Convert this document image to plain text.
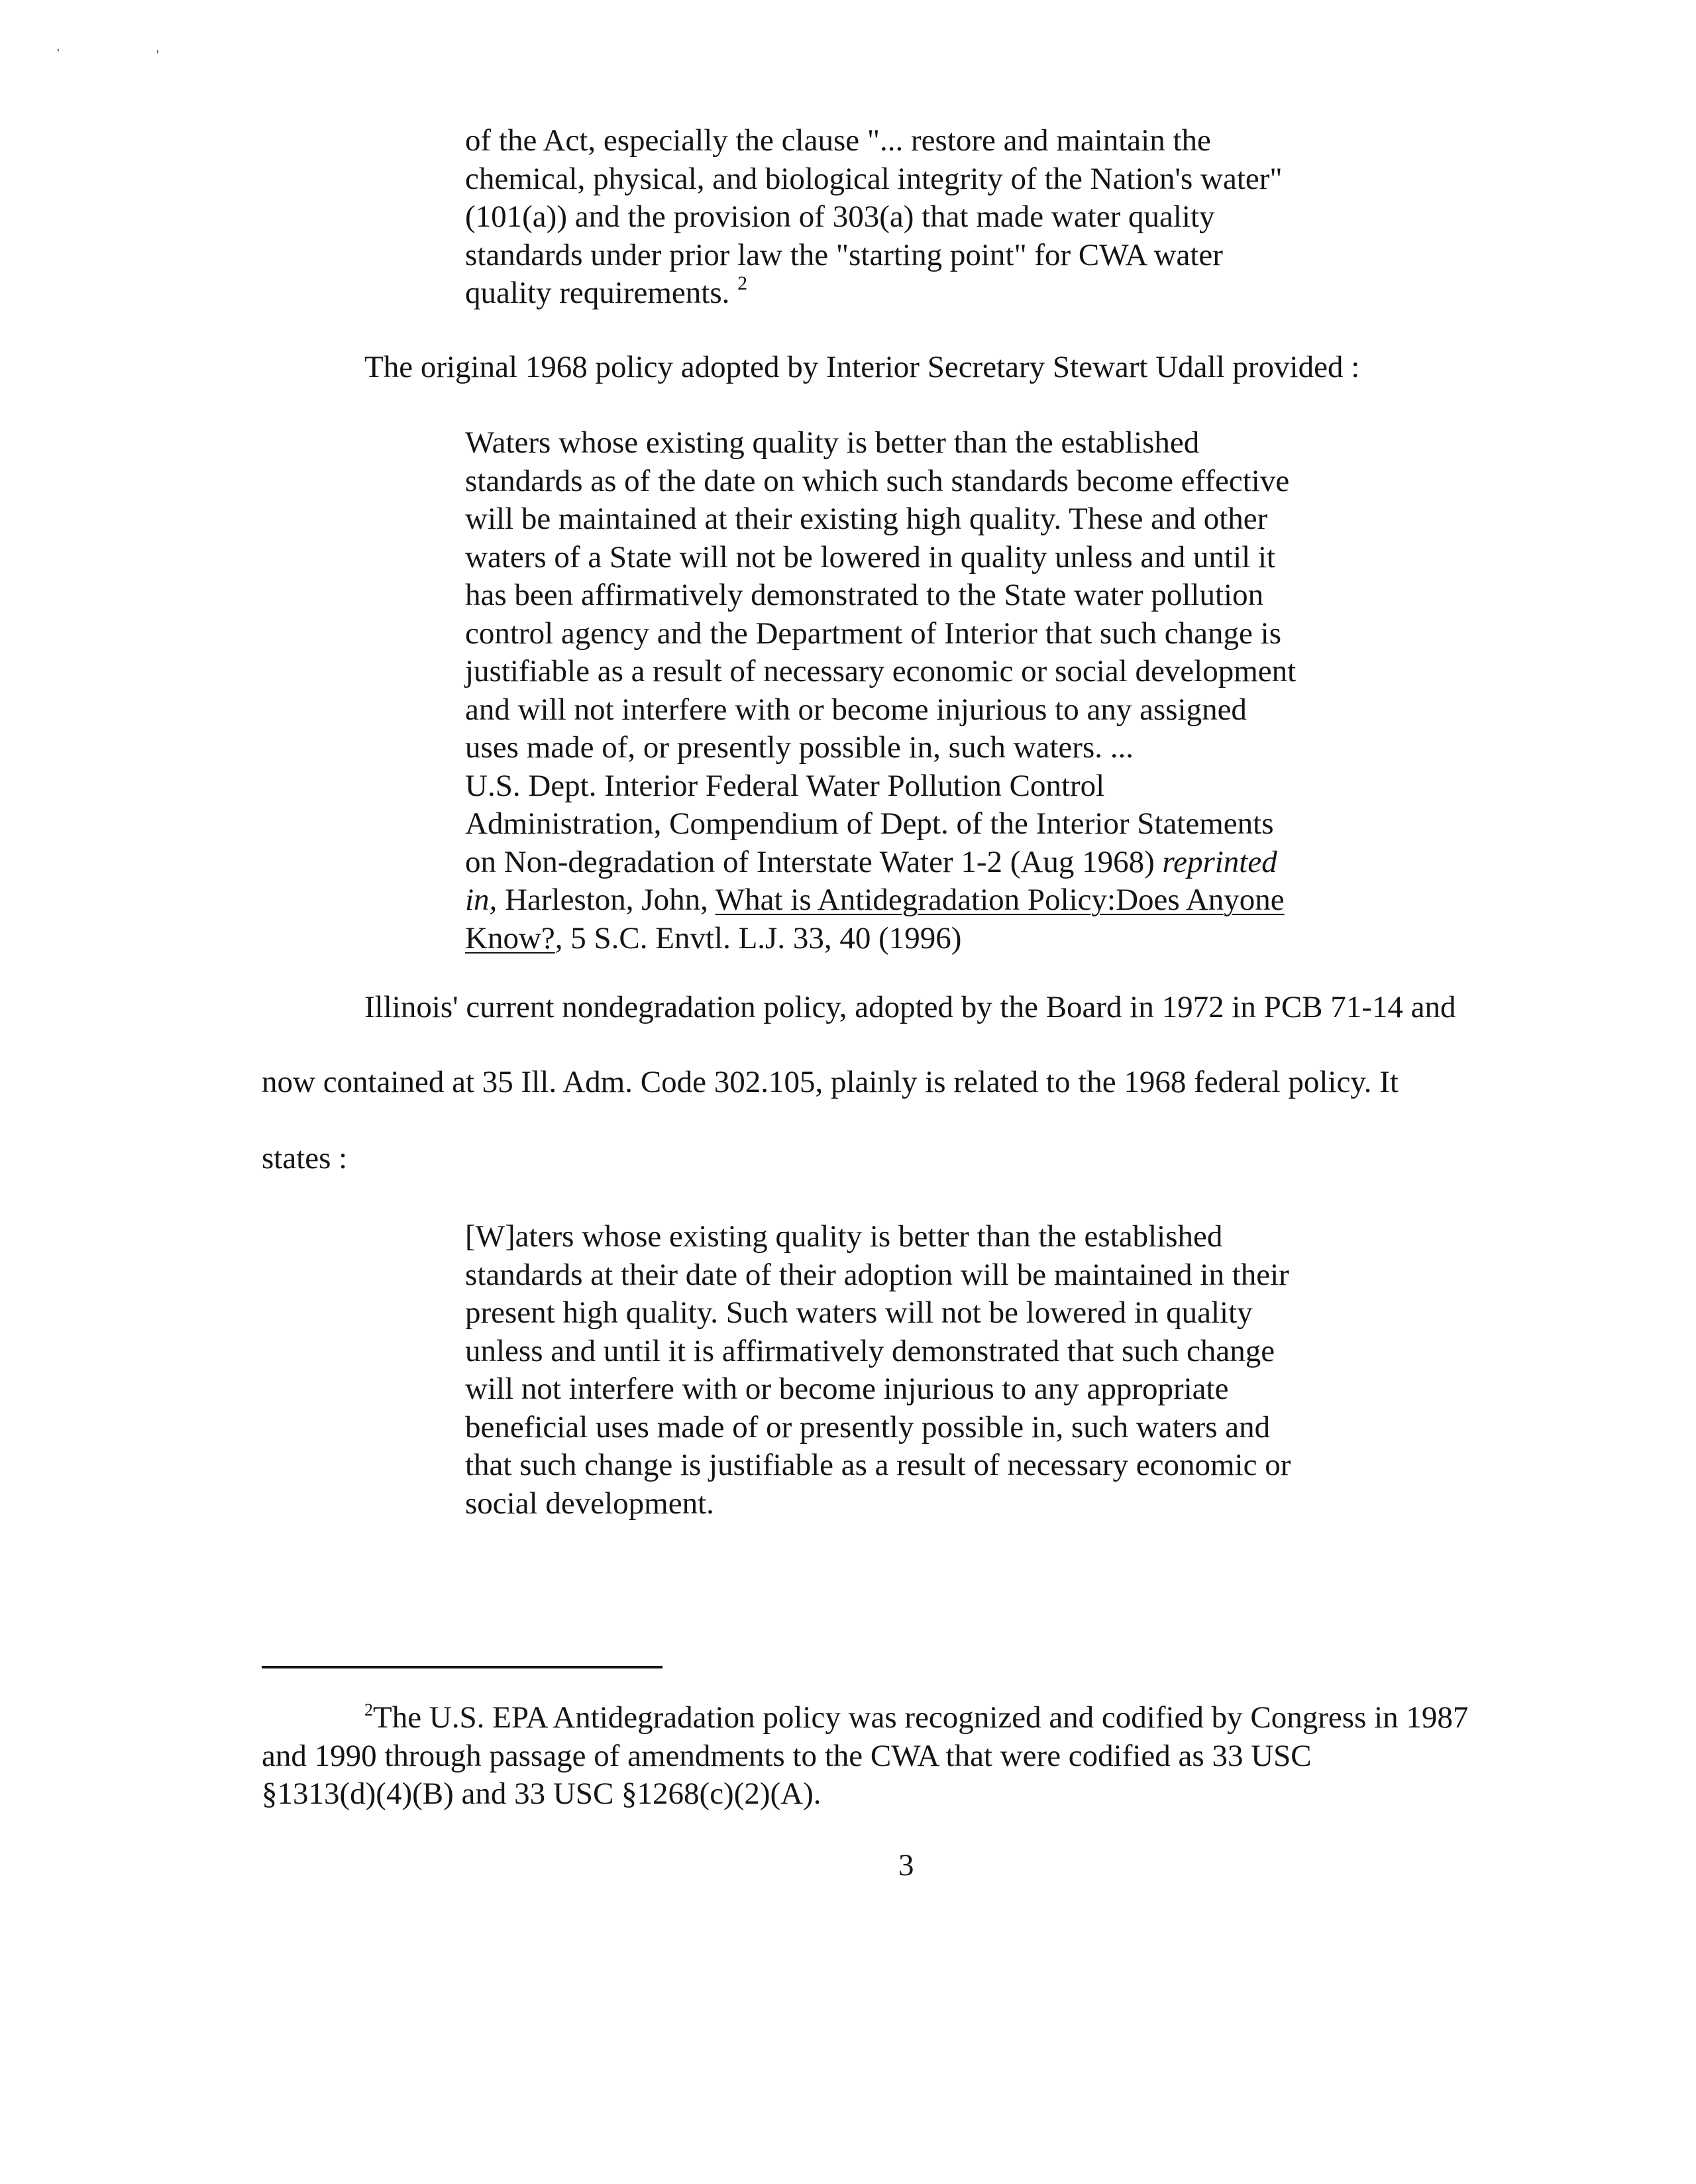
'	'
of the Act, especially the clause "... restore and maintain the
chemical, physical, and biological integrity of the Nation's water"
(101(a)) and the provision of 303(a) that made water quality
standards under prior law the "starting point" for CWA water
quality requirements. $^2$
The original 1968 policy adopted by Interior Secretary Stewart Udall provided :
Waters whose existing quality is better than the established
standards as of the date on which such standards become effective
will be maintained at their existing high quality. These and other
waters of a State will not be lowered in quality unless and until it
has been affirmatively demonstrated to the State water pollution
control agency and the Department of Interior that such change is
justifiable as a result of necessary economic or social development
and will not interfere with or become injurious to any assigned
uses made of, or presently possible in, such waters. ...
U.S. Dept. Interior Federal Water Pollution Control
Administration, Compendium of Dept. of the Interior Statements
on Non-degradation of Interstate Water 1-2 (Aug 1968) reprinted
in, Harleston, John, What is Antidegradation Policy:Does Anyone
Know?, 5 S.C. Envtl. L.J. 33, 40 (1996)
Illinois' current nondegradation policy, adopted by the Board in 1972 in PCB 71-14 and
now contained at 35 Ill. Adm. Code 302.105, plainly is related to the 1968 federal policy. It
states :
[W]aters whose existing quality is better than the established
standards at their date of their adoption will be maintained in their
present high quality. Such waters will not be lowered in quality
unless and until it is affirmatively demonstrated that such change
will not interfere with or become injurious to any appropriate
beneficial uses made of or presently possible in, such waters and
that such change is justifiable as a result of necessary economic or
social development.
$^2$The U.S. EPA Antidegradation policy was recognized and codified by Congress in 1987
and 1990 through passage of amendments to the CWA that were codified as 33 USC
§1313(d)(4)(B) and 33 USC §1268(c)(2)(A).
3
